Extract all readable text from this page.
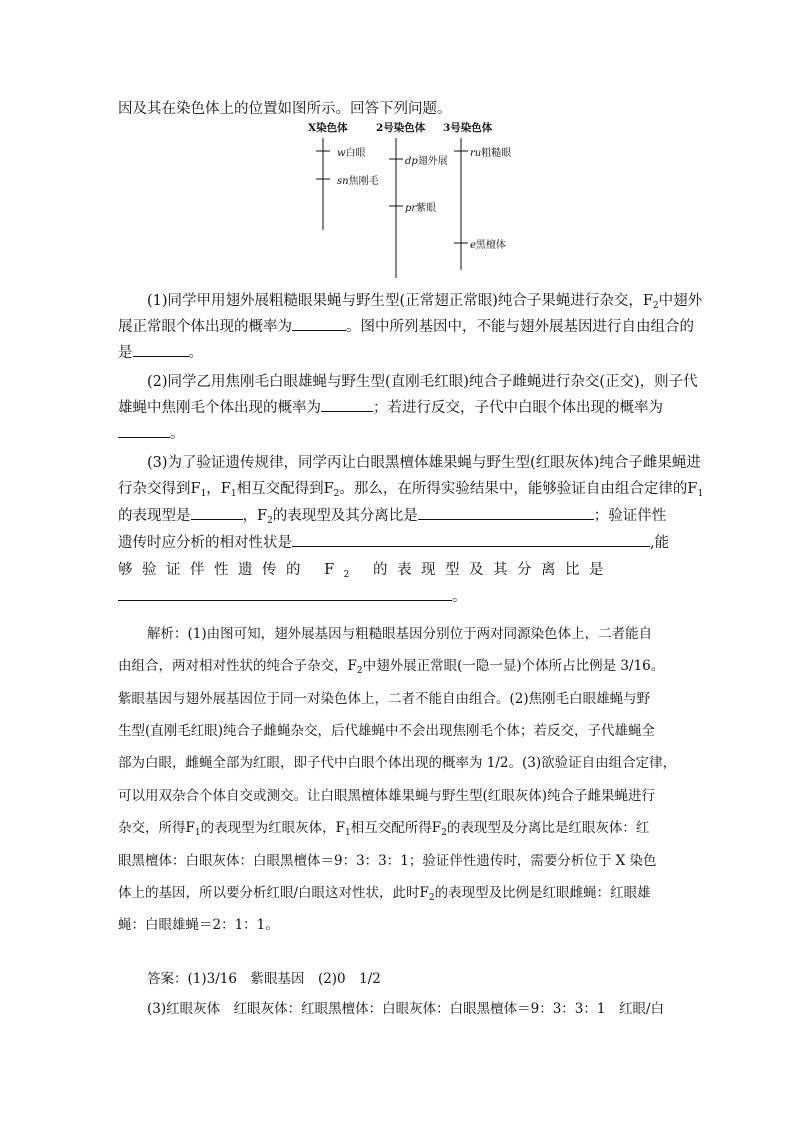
因及其在染色体上的位置如图所示。回答下列问题。
X染色体	2号染色体 3号染色体
w白眼
sn焦刚毛
dp翅外展
pr紫眼
ru粗糙眼
e黑檀体
(1)同学甲用翅外展粗糙眼果蝇与野生型(正常翅正常眼)纯合子果蝇进行杂交，$F_2$中翅外
展正常眼个体出现的概率为	。图中所列基因中，不能与翅外展基因进行自由组合的
是	。
(2)同学乙用焦刚毛白眼雄蝇与野生型(直刚毛红眼)纯合子雌蝇进行杂交(正交)，则子代
雄蝇中焦刚毛个体出现的概率为	；若进行反交，子代中白眼个体出现的概率为
。
(3)为了验证遗传规律，同学丙让白眼黑檀体雄果蝇与野生型(红眼灰体)纯合子雌果蝇进
行杂交得到$F_1$，$F_1$相互交配得到$F_2$。那么，在所得实验结果中，能够验证自由组合定律的$F_1$
的表现型是	，$F_2$的表现型及其分离比是	；验证伴性
遗传时应分析的相对性状是	,能
够验证伴性遗传的 $F_2$ 的表现型及其分离比是
。
解析：(1)由图可知，翅外展基因与粗糙眼基因分别位于两对同源染色体上，二者能自
由组合，两对相对性状的纯合子杂交，$F_2$中翅外展正常眼(一隐一显)个体所占比例是 3/16。
紫眼基因与翅外展基因位于同一对染色体上，二者不能自由组合。(2)焦刚毛白眼雄蝇与野
生型(直刚毛红眼)纯合子雌蝇杂交，后代雄蝇中不会出现焦刚毛个体；若反交，子代雄蝇全
部为白眼，雌蝇全部为红眼，即子代中白眼个体出现的概率为 1/2。(3)欲验证自由组合定律，
可以用双杂合个体自交或测交。让白眼黑檀体雄果蝇与野生型(红眼灰体)纯合子雌果蝇进行
杂交，所得$F_1$的表现型为红眼灰体，$F_1$相互交配所得$F_2$的表现型及分离比是红眼灰体：红
眼黑檀体：白眼灰体：白眼黑檀体＝9：3：3：1；验证伴性遗传时，需要分析位于 X 染色
体上的基因，所以要分析红眼/白眼这对性状，此时$F_2$的表现型及比例是红眼雌蝇：红眼雄
蝇：白眼雄蝇＝2：1：1。
答案：(1)3/16　紫眼基因　(2)0　1/2
(3)红眼灰体　红眼灰体：红眼黑檀体：白眼灰体：白眼黑檀体＝9：3：3：1　红眼/白
